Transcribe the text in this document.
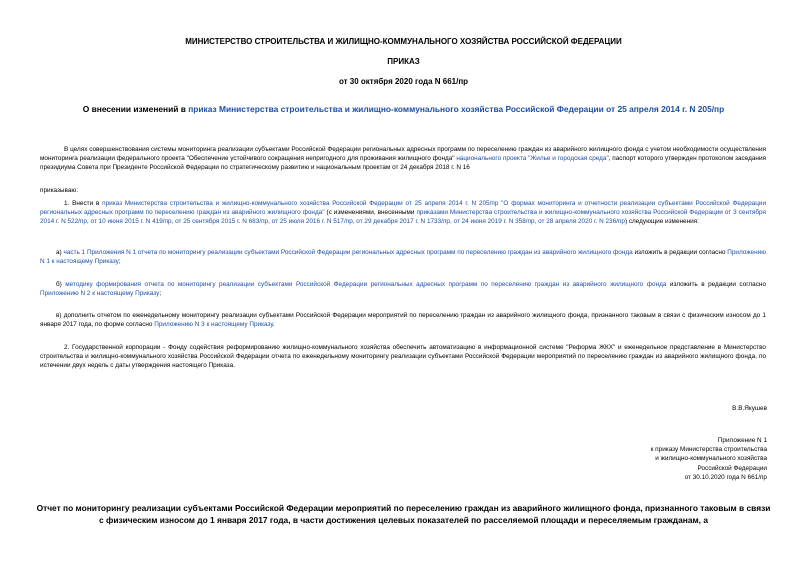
МИНИСТЕРСТВО СТРОИТЕЛЬСТВА И ЖИЛИЩНО-КОММУНАЛЬНОГО ХОЗЯЙСТВА РОССИЙСКОЙ ФЕДЕРАЦИИ
ПРИКАЗ
от 30 октября 2020 года N 661/пр
О внесении изменений в приказ Министерства строительства и жилищно-коммунального хозяйства Российской Федерации от 25 апреля 2014 г. N 205/пр
В целях совершенствования системы мониторинга реализации субъектами Российской Федерации региональных адресных программ по переселению граждан из аварийного жилищного фонда с учетом необходимости осуществления мониторинга реализации федерального проекта "Обеспечение устойчивого сокращения непригодного для проживания жилищного фонда" национального проекта "Жилье и городская среда", паспорт которого утвержден протоколом заседания президиума Совета при Президенте Российской Федерации по стратегическому развитию и национальным проектам от 24 декабря 2018 г. N 16
приказываю:
1. Внести в приказ Министерства строительства и жилищно-коммунального хозяйства Российской Федерации от 25 апреля 2014 г. N 205/пр "О формах мониторинга и отчетности реализации субъектами Российской Федерации региональных адресных программ по переселению граждан из аварийного жилищного фонда" (с изменениями, внесенными приказами Министерства строительства и жилищно-коммунального хозяйства Российской Федерации от 3 сентября 2014 г. N 522/пр, от 10 июня 2015 г. N 419/пр, от 25 сентября 2015 г. N 683/пр, от 25 июля 2016 г. N 517/пр, от 29 декабря 2017 г. N 1733/пр, от 24 июня 2019 г. N 358/пр, от 28 апреля 2020 г. N 236/пр) следующие изменения:
а) часть 1 Приложения N 1 отчета по мониторингу реализации субъектами Российской Федерации региональных адресных программ по переселению граждан из аварийного жилищного фонда изложить в редакции согласно Приложению N 1 к настоящему Приказу;
б) методику формирования отчета по мониторингу реализации субъектами Российской Федерации региональных адресных программ по переселению граждан из аварийного жилищного фонда изложить в редакции согласно Приложению N 2 к настоящему Приказу;
в) дополнить отчетом по еженедельному мониторингу реализации субъектами Российской Федерации мероприятий по переселению граждан из аварийного жилищного фонда, признанного таковым в связи с физическим износом до 1 января 2017 года, по форме согласно Приложению N 3 к настоящему Приказу.
2. Государственной корпорации - Фонду содействия реформированию жилищно-коммунального хозяйства обеспечить автоматизацию в информационной системе "Реформа ЖКХ" и еженедельное представление в Министерство строительства и жилищно-коммунального хозяйства Российской Федерации отчета по еженедельному мониторингу реализации субъектами Российской Федерации мероприятий по переселению граждан из аварийного жилищного фонда, по истечении двух недель с даты утверждения настоящего Приказа.
В.В.Якушев
Приложение N 1
к приказу Министерства строительства
и жилищно-коммунального хозяйства
Российской Федерации
от 30.10.2020 года N 661/пр
Отчет по мониторингу реализации субъектами Российской Федерации мероприятий по переселению граждан из аварийного жилищного фонда, признанного таковым в связи с физическим износом до 1 января 2017 года, в части достижения целевых показателей по расселяемой площади и переселяемым гражданам, а
